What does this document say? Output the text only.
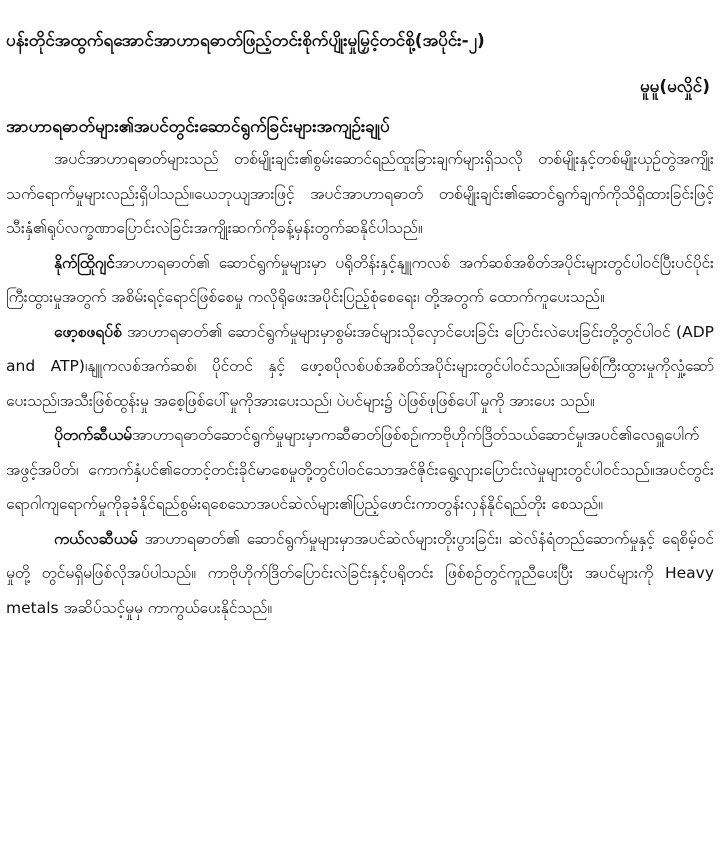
ပန်းတိုင်အထွက်ရအောင်အာဟာရဓာတ်ဖြည့်တင်းစိုက်ပျိုးမှုမြှင့်တင်စို့(အပိုင်း-၂)

မူမူ(မလှိုင်)

အာဟာရဓာတ်များ၏အပင်တွင်းဆောင်ရွက်ခြင်းများအကျဉ်းချုပ်

အပင်အာဟာရဓာတ်များသည် တစ်မျိုးချင်း၏စွမ်းဆောင်ရည်ထူးခြားချက်များရှိသလို တစ်မျိုးနှင့်တစ်မျိုးယှဉ်တွဲအကျိုးသက်ရောက်မှုများလည်းရှိပါသည်။ယေဘုယျအားဖြင့် အပင်အာဟာရဓာတ် တစ်မျိုးချင်း၏ဆောင်ရွက်ချက်ကိုသိရှိထားခြင်းဖြင့် သီးနှံ၏ရုပ်လက္ခဏာပြောင်းလဲခြင်းအကျိုးဆက်ကိုခန့်မှန်းတွက်ဆနိုင်ပါသည်။

နိုက်ထြိုဂျင်အာဟာရဓာတ်၏ ဆောင်ရွက်မှုများမှာ ပရိုတိန်းနှင့်နျူကလစ် အက်ဆစ်အစိတ်အပိုင်းများတွင်ပါဝင်ပြီးပင်ပိုင်းကြီးထွားမှုအတွက် အစိမ်းရင့်ရောင်ဖြစ်စေမှု ကလိုရိုဖေးအပိုင်းပြည့်စုံစေရေး၊ တို့အတွက် ထောက်ကူပေးသည်။

ဖော့စဖရပ်စ် အာဟာရဓာတ်၏ ဆောင်ရွက်မှုများမှာစွမ်းအင်များသိုလှောင်ပေးခြင်း ပြောင်းလဲပေးခြင်းတို့တွင်ပါဝင် (ADP and ATP)၊နျူကလစ်အက်ဆစ်၊ ပိုင်တင် နှင့် ဖော့စပိုလစ်ပစ်အစိတ်အပိုင်းများတွင်ပါဝင်သည်။အမြစ်ကြီးထွားမှုကိုလှုံ့ဆော်ပေးသည်၊အသီးဖြစ်ထွန်းမှု အစေ့ဖြစ်ပေါ်မှုကိုအားပေးသည်၊ ပဲပင်များ၌ ပဲဖြစ်ဖုဖြစ်ပေါ်မှုကို အားပေး သည်။

ပိုတက်ဆီယမ်အာဟာရဓာတ်ဆောင်ရွက်မှုများမှာကဆီဓာတ်ဖြစ်စဉ်၊ကာဗိုဟိုက်ဒြိတ်သယ်ဆောင်မှု၊အပင်၏လေရှူပေါက်အဖွင့်အပိတ်၊ ကောက်နှံပင်၏တောင့်တင်းခိုင်မာစေမှုတို့တွင်ပါဝင်သောအင်ဇိုင်းရွေ့လျားပြောင်းလဲမှုများတွင်ပါဝင်သည်။အပင်တွင်းရောဂါကျရောက်မှုကိုခုခံနိုင်ရည်စွမ်းရစေသောအပင်ဆဲလ်များ၏ပြည့်ဖောင်းကာတွန်းလှန်နိုင်ရည်တိုး စေသည်။

ကယ်လဆီယမ် အာဟာရဓာတ်၏ ဆောင်ရွက်မှုများမှာအပင်ဆဲလ်များတိုးပွားခြင်း၊ ဆဲလ်နံရံတည်ဆောက်မှုနှင့် ရေစိမ့်ဝင်မှုတို့ တွင်မရှိမဖြစ်လိုအပ်ပါသည်။ ကာဗိုဟိုက်ဒြိတ်ပြောင်းလဲခြင်းနှင့်ပရိုတင်း ဖြစ်စဉ်တွင်ကူညီပေးပြီး အပင်များကို Heavy metals အဆိပ်သင့်မှုမှ ကာကွယ်ပေးနိုင်သည်။
